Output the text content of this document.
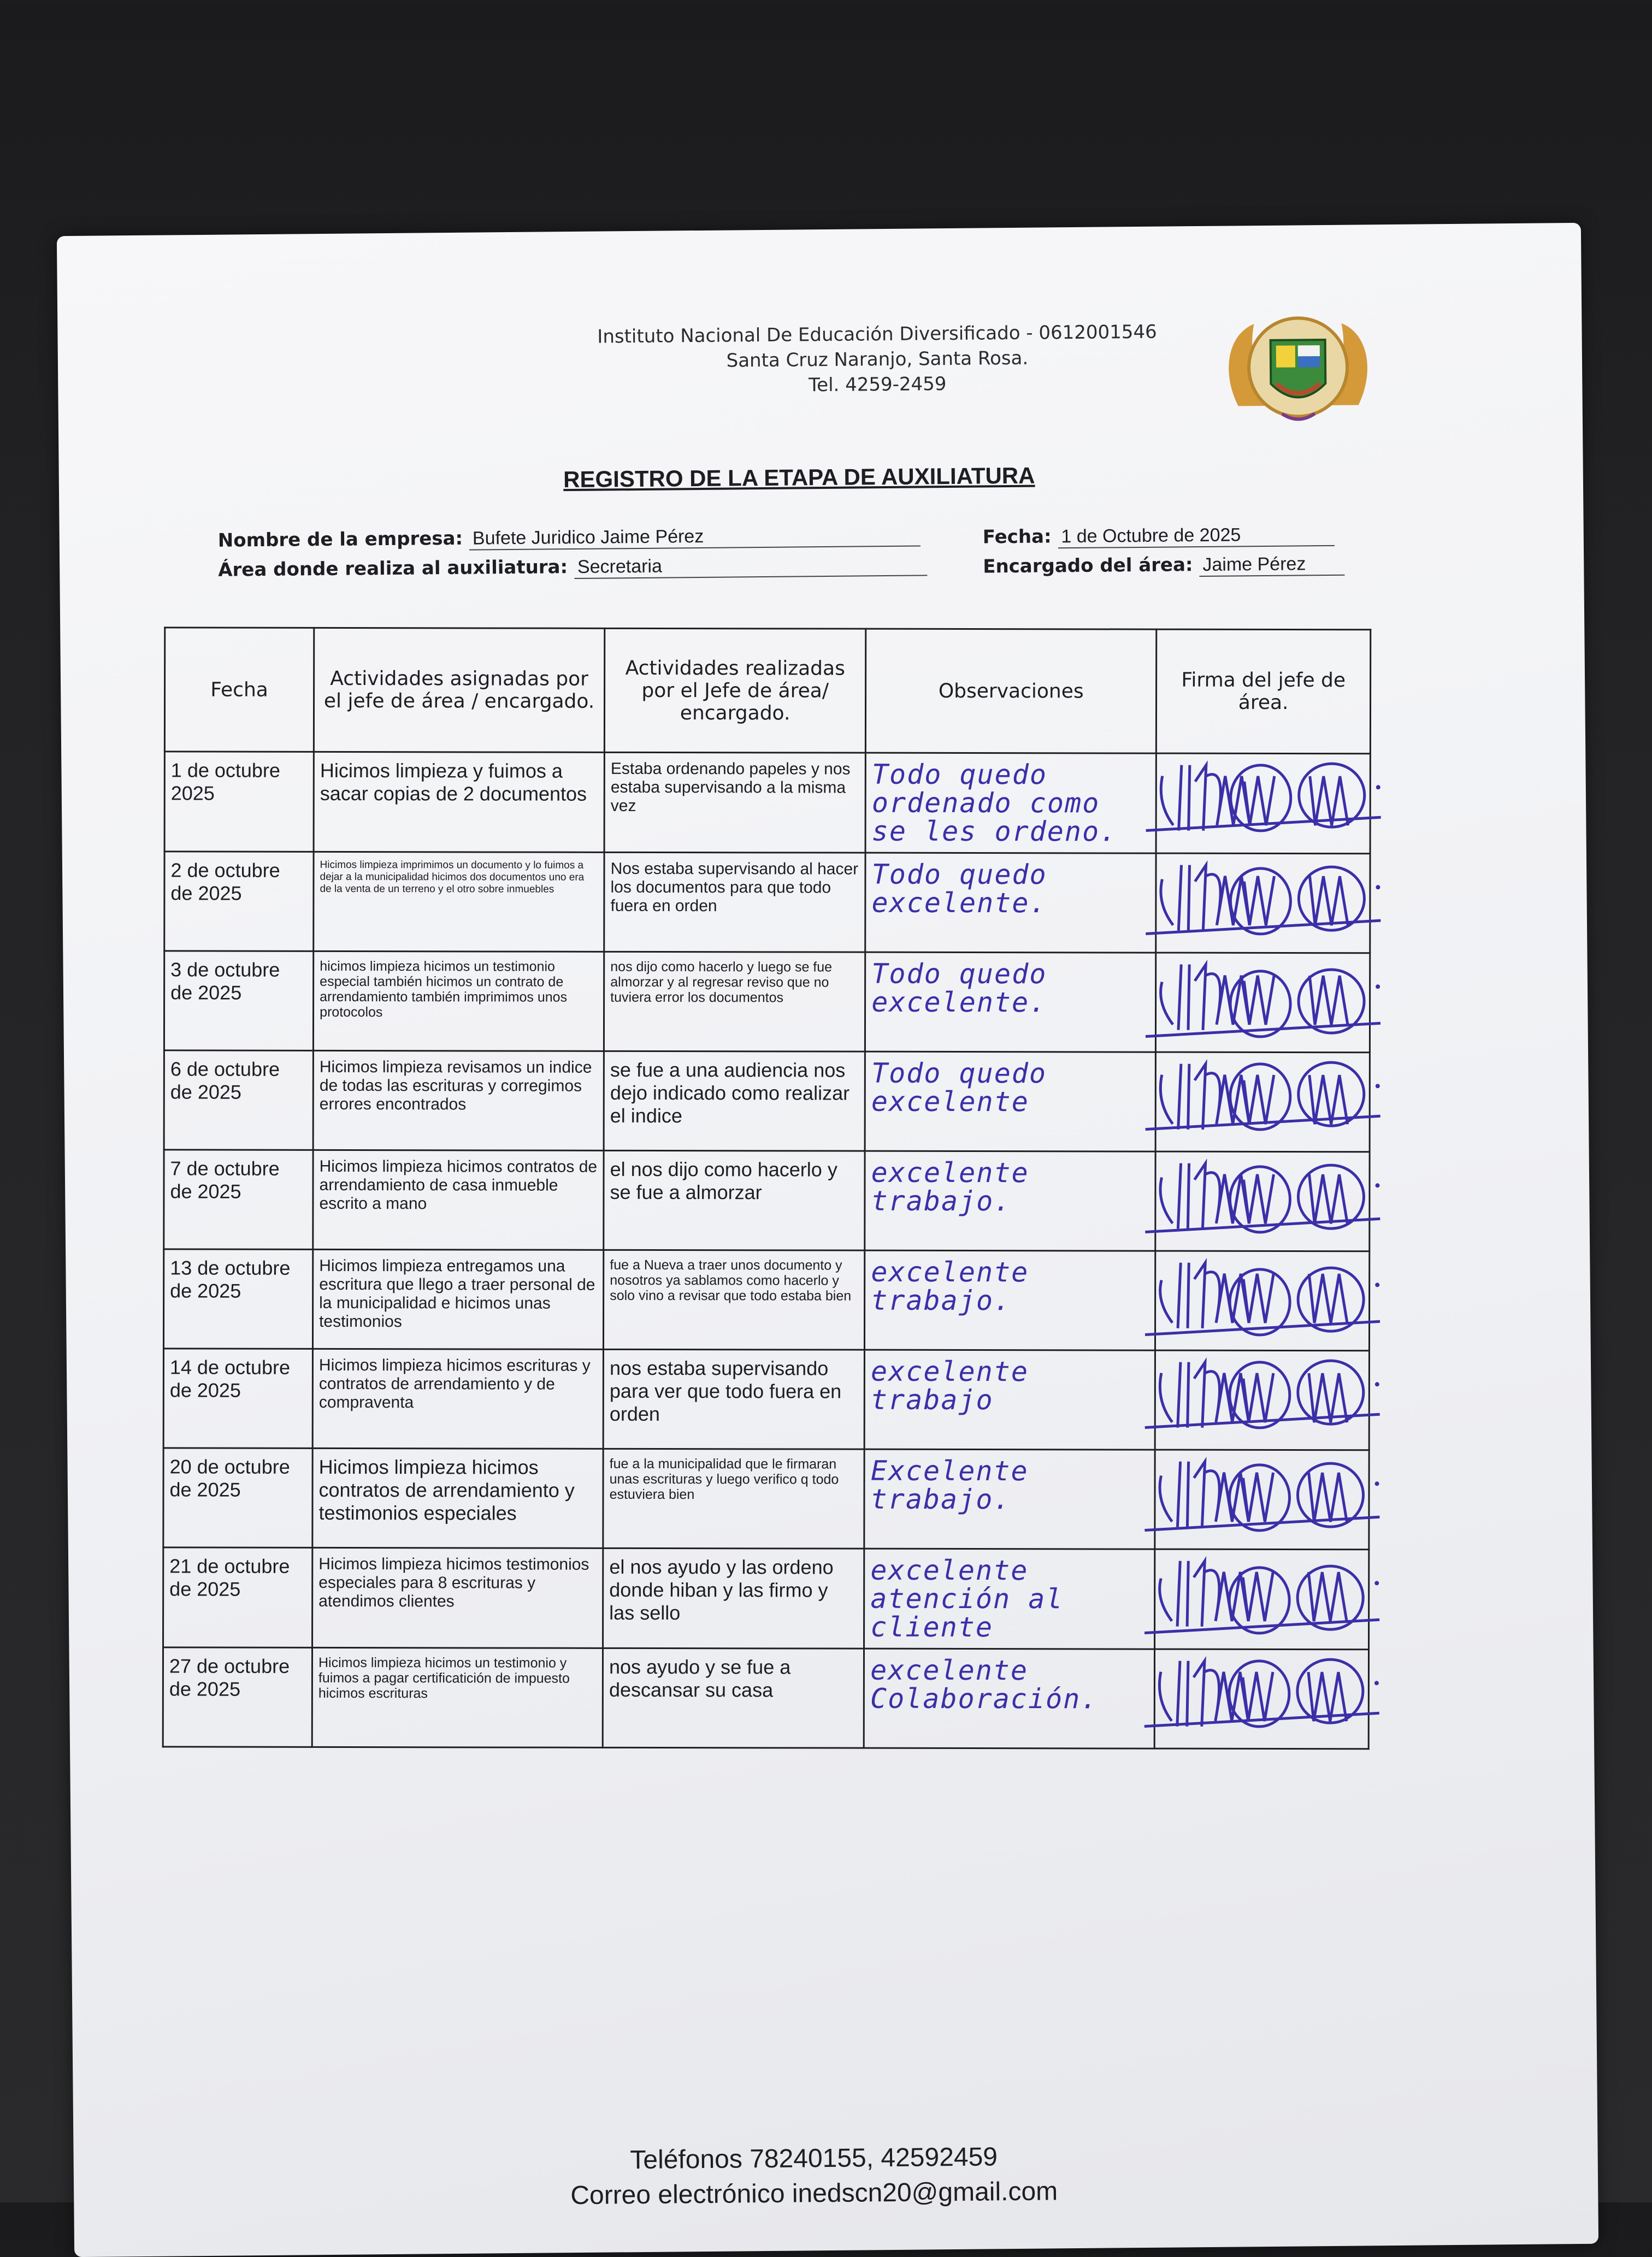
Instituto Nacional De Educación Diversificado - 0612001546
Santa Cruz Naranjo, Santa Rosa.
Tel. 4259-2459
REGISTRO DE LA ETAPA DE AUXILIATURA
Nombre de la empresa: Bufete Juridico Jaime Pérez	Fecha: 1 de Octubre de 2025
Área donde realiza al auxiliatura: Secretaria	Encargado del área: Jaime Pérez
Fecha	Actividades asignadas por el jefe de área / encargado.	Actividades realizadas por el Jefe de área/ encargado.	Observaciones	Firma del jefe de área.
1 de octubre 2025	Hicimos limpieza y fuimos a sacar copias de 2 documentos	Estaba ordenando papeles y nos estaba supervisando a la misma vez	Todo quedo ordenado como se les ordeno.	

2 de octubre de 2025	Hicimos limpieza imprimimos un documento y lo fuimos a dejar a la municipalidad hicimos dos documentos uno era de la venta de un terreno y el otro sobre inmuebles	Nos estaba supervisando al hacer los documentos para que todo fuera en orden	Todo quedo excelente.	

3 de octubre de 2025	hicimos limpieza hicimos un testimonio especial también hicimos un contrato de arrendamiento también imprimimos unos protocolos	nos dijo como hacerlo y luego se fue almorzar y al regresar reviso que no tuviera error los documentos	Todo quedo excelente.	

6 de octubre de 2025	Hicimos limpieza revisamos un indice de todas las escrituras y corregimos errores encontrados	se fue a una audiencia nos dejo indicado como realizar el indice	Todo quedo excelente	

7 de octubre de 2025	Hicimos limpieza hicimos contratos de arrendamiento de casa inmueble escrito a mano	el nos dijo como hacerlo y se fue a almorzar	excelente trabajo.	

13 de octubre de 2025	Hicimos limpieza entregamos una escritura que llego a traer personal de la municipalidad e hicimos unas testimonios	fue a Nueva a traer unos documento y nosotros ya sablamos como hacerlo y solo vino a revisar que todo estaba bien	excelente trabajo.	

14 de octubre de 2025	Hicimos limpieza hicimos escrituras y contratos de arrendamiento y de compraventa	nos estaba supervisando para ver que todo fuera en orden	excelente trabajo	

20 de octubre de 2025	Hicimos limpieza hicimos contratos de arrendamiento y testimonios especiales	fue a la municipalidad que le firmaran unas escrituras y luego verifico q todo estuviera bien	Excelente trabajo.	

21 de octubre de 2025	Hicimos limpieza hicimos testimonios especiales para 8 escrituras y atendimos clientes	el nos ayudo y las ordeno donde hiban y las firmo y las sello	excelente atención al cliente	

27 de octubre de 2025	Hicimos limpieza hicimos un testimonio y fuimos a pagar certificatición de impuesto hicimos escrituras	nos ayudo y se fue a descansar su casa	excelente Colaboración.	
Teléfonos 78240155, 42592459
Correo electrónico inedscn20@gmail.com
